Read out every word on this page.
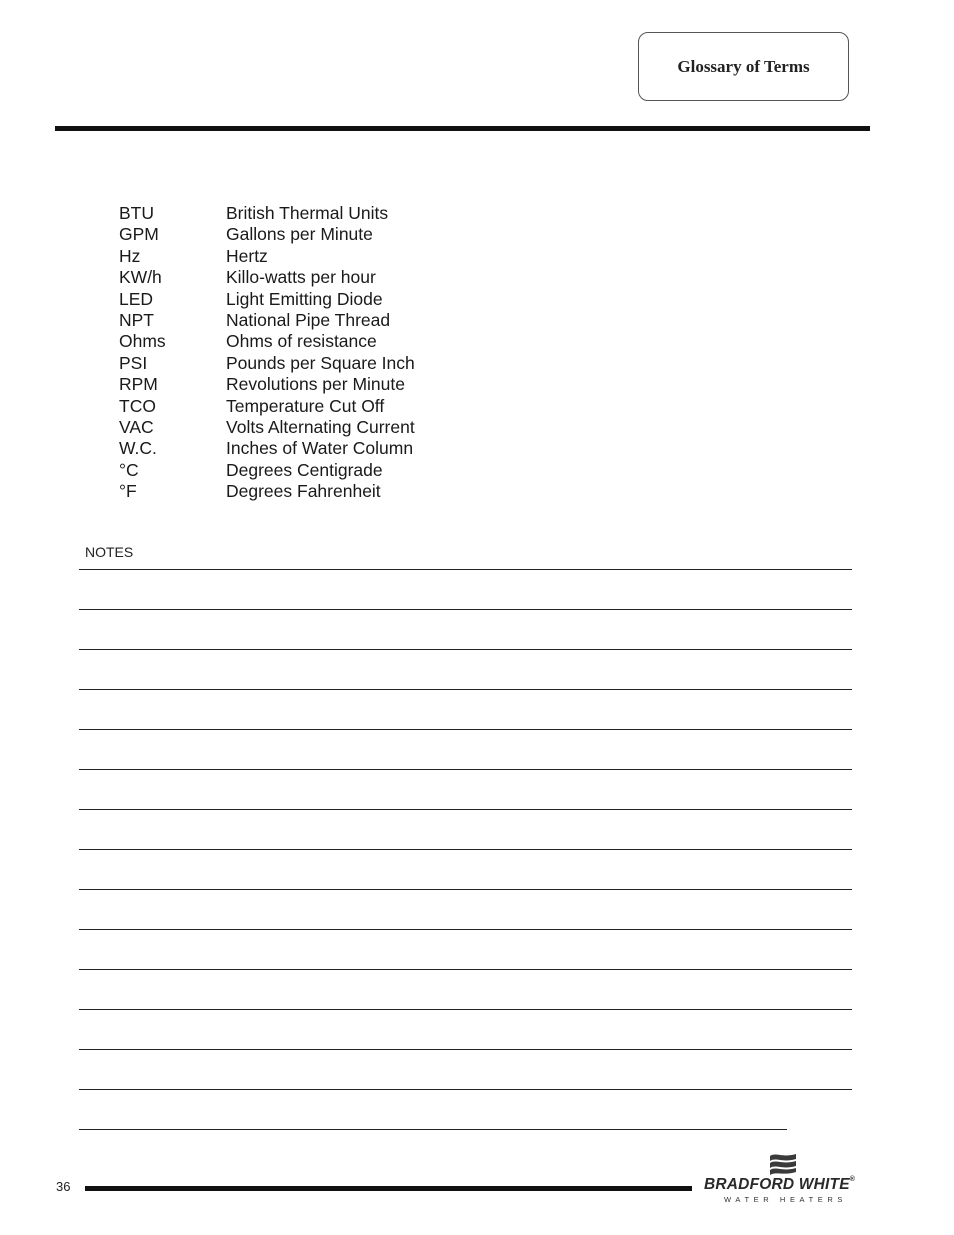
Glossary of Terms
BTU	British Thermal Units
GPM	Gallons per Minute
Hz	Hertz
KW/h	Killo-watts per hour
LED	Light Emitting Diode
NPT	National Pipe Thread
Ohms	Ohms of resistance
PSI	Pounds per Square Inch
RPM	Revolutions per Minute
TCO	Temperature Cut Off
VAC	Volts Alternating Current
W.C.	Inches of Water Column
°C	Degrees Centigrade
°F	Degrees Fahrenheit
NOTES
36	BRADFORD WHITE®
WATER HEATERS
